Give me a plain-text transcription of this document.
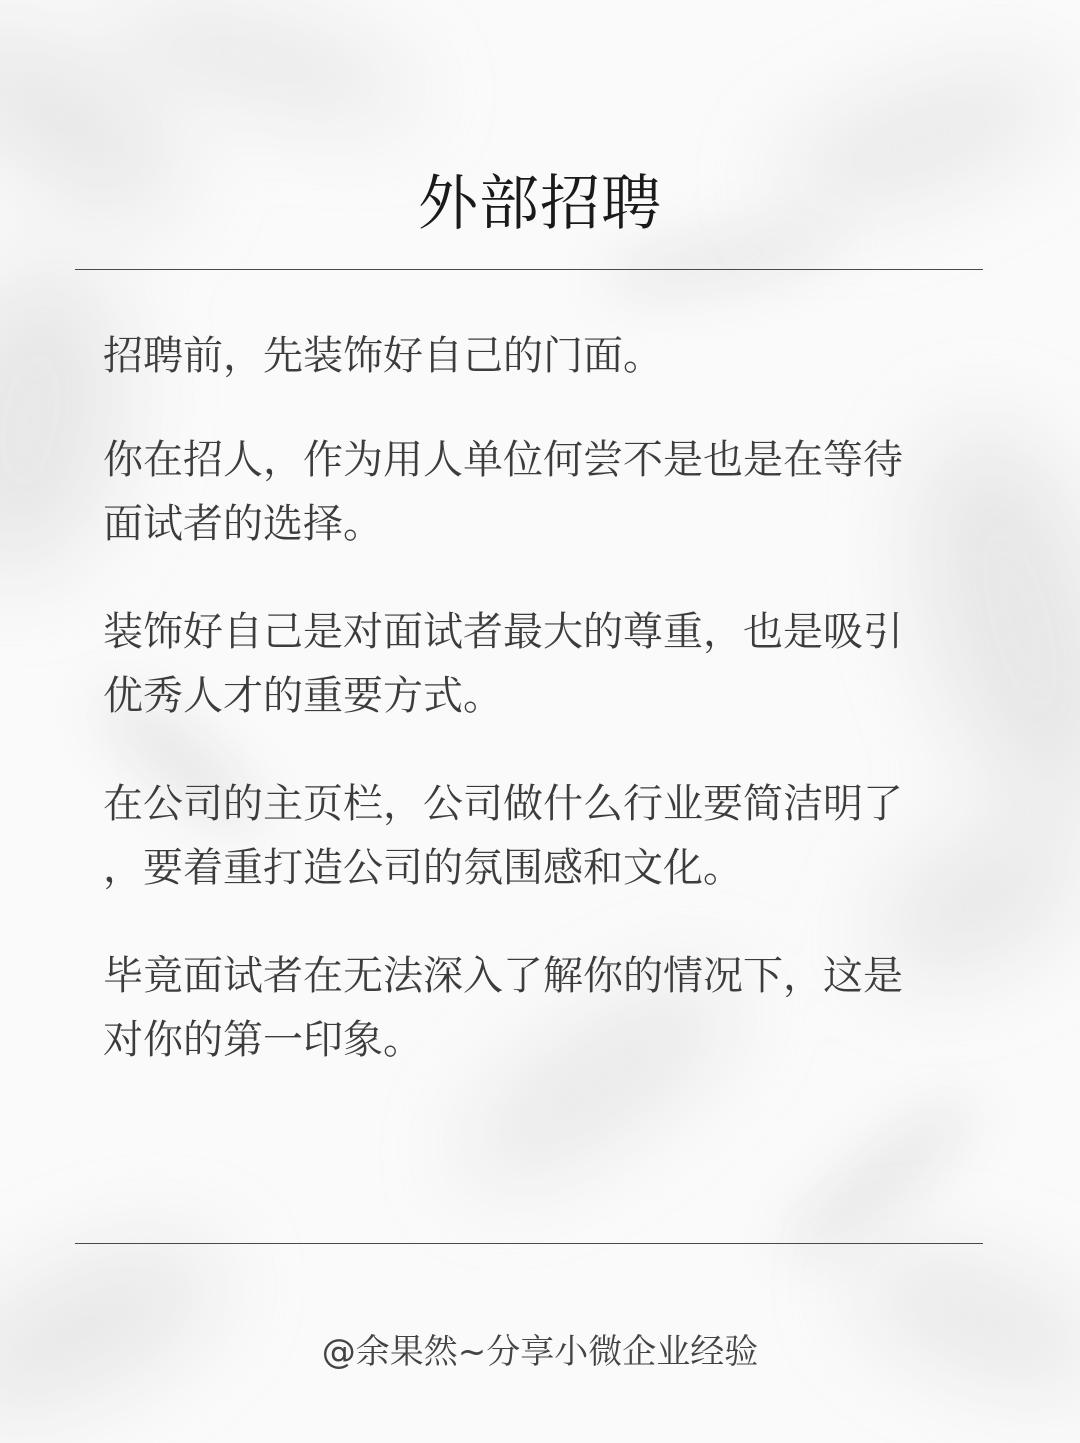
外部招聘
招聘前，先装饰好自己的门面。
你在招人，作为用人单位何尝不是也是在等待
面试者的选择。
装饰好自己是对面试者最大的尊重，也是吸引
优秀人才的重要方式。
在公司的主页栏，公司做什么行业要简洁明了
，要着重打造公司的氛围感和文化。
毕竟面试者在无法深入了解你的情况下，这是
对你的第一印象。
@余果然~分享小微企业经验
